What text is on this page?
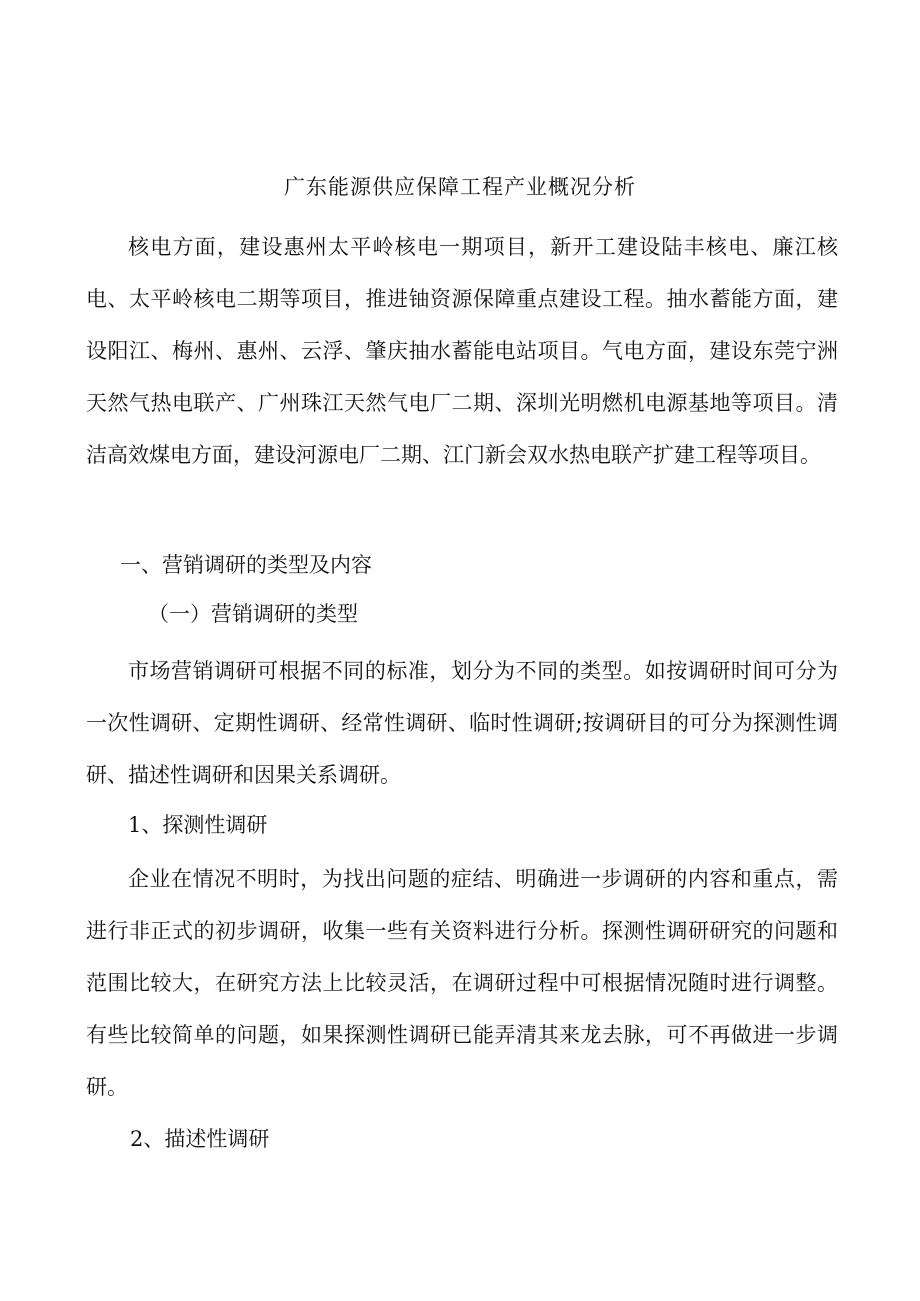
广东能源供应保障工程产业概况分析

核电方面，建设惠州太平岭核电一期项目，新开工建设陆丰核电、廉江核电、太平岭核电二期等项目，推进铀资源保障重点建设工程。抽水蓄能方面，建设阳江、梅州、惠州、云浮、肇庆抽水蓄能电站项目。气电方面，建设东莞宁洲天然气热电联产、广州珠江天然气电厂二期、深圳光明燃机电源基地等项目。清洁高效煤电方面，建设河源电厂二期、江门新会双水热电联产扩建工程等项目。

一、营销调研的类型及内容

（一）营销调研的类型

市场营销调研可根据不同的标准，划分为不同的类型。如按调研时间可分为一次性调研、定期性调研、经常性调研、临时性调研;按调研目的可分为探测性调研、描述性调研和因果关系调研。

1、探测性调研

企业在情况不明时，为找出问题的症结、明确进一步调研的内容和重点，需进行非正式的初步调研，收集一些有关资料进行分析。探测性调研研究的问题和范围比较大，在研究方法上比较灵活，在调研过程中可根据情况随时进行调整。有些比较简单的问题，如果探测性调研已能弄清其来龙去脉，可不再做进一步调研。

2、描述性调研
